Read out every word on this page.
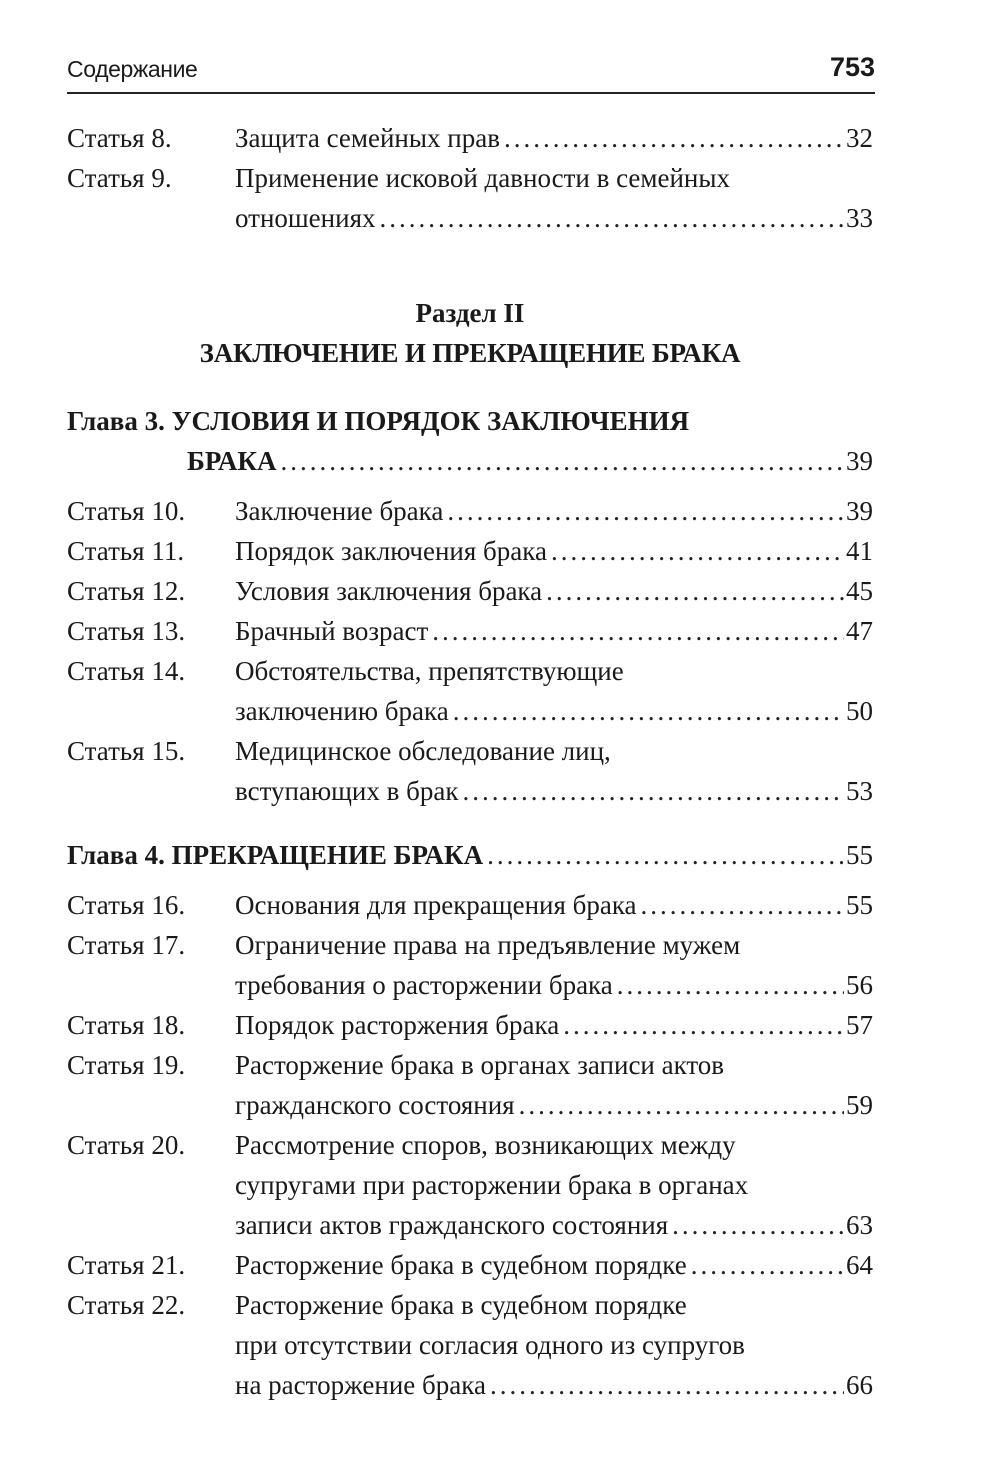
Содержание	753
Статья 8. Защита семейных прав .....	32
Статья 9. Применение исковой давности в семейных
отношениях .....	33
Раздел II
ЗАКЛЮЧЕНИЕ И ПРЕКРАЩЕНИЕ БРАКА
Глава 3. УСЛОВИЯ И ПОРЯДОК ЗАКЛЮЧЕНИЯ
БРАКА .....	39
Статья 10. Заключение брака .....	39
Статья 11. Порядок заключения брака .....	41
Статья 12. Условия заключения брака .....	45
Статья 13. Брачный возраст .....	47
Статья 14. Обстоятельства, препятствующие
заключению брака .....	50
Статья 15. Медицинское обследование лиц,
вступающих в брак .....	53
Глава 4.
ПРЕКРАЩЕНИЕ БРАКА .....	55
Статья 16. Основания для прекращения брака .....	55
Статья 17. Ограничение права на предъявление мужем
требования о расторжении брака .....	56
Статья 18. Порядок расторжения брака .....	57
Статья 19. Расторжение брака в органах записи актов
гражданского состояния .....	59
Статья 20. Рассмотрение споров, возникающих между
супругами при расторжении брака в органах
записи актов гражданского состояния .....	63
Статья 21. Расторжение брака в судебном порядке .....	64
Статья 22. Расторжение брака в судебном порядке
при отсутствии согласия одного из супругов
на расторжение брака .....	66
